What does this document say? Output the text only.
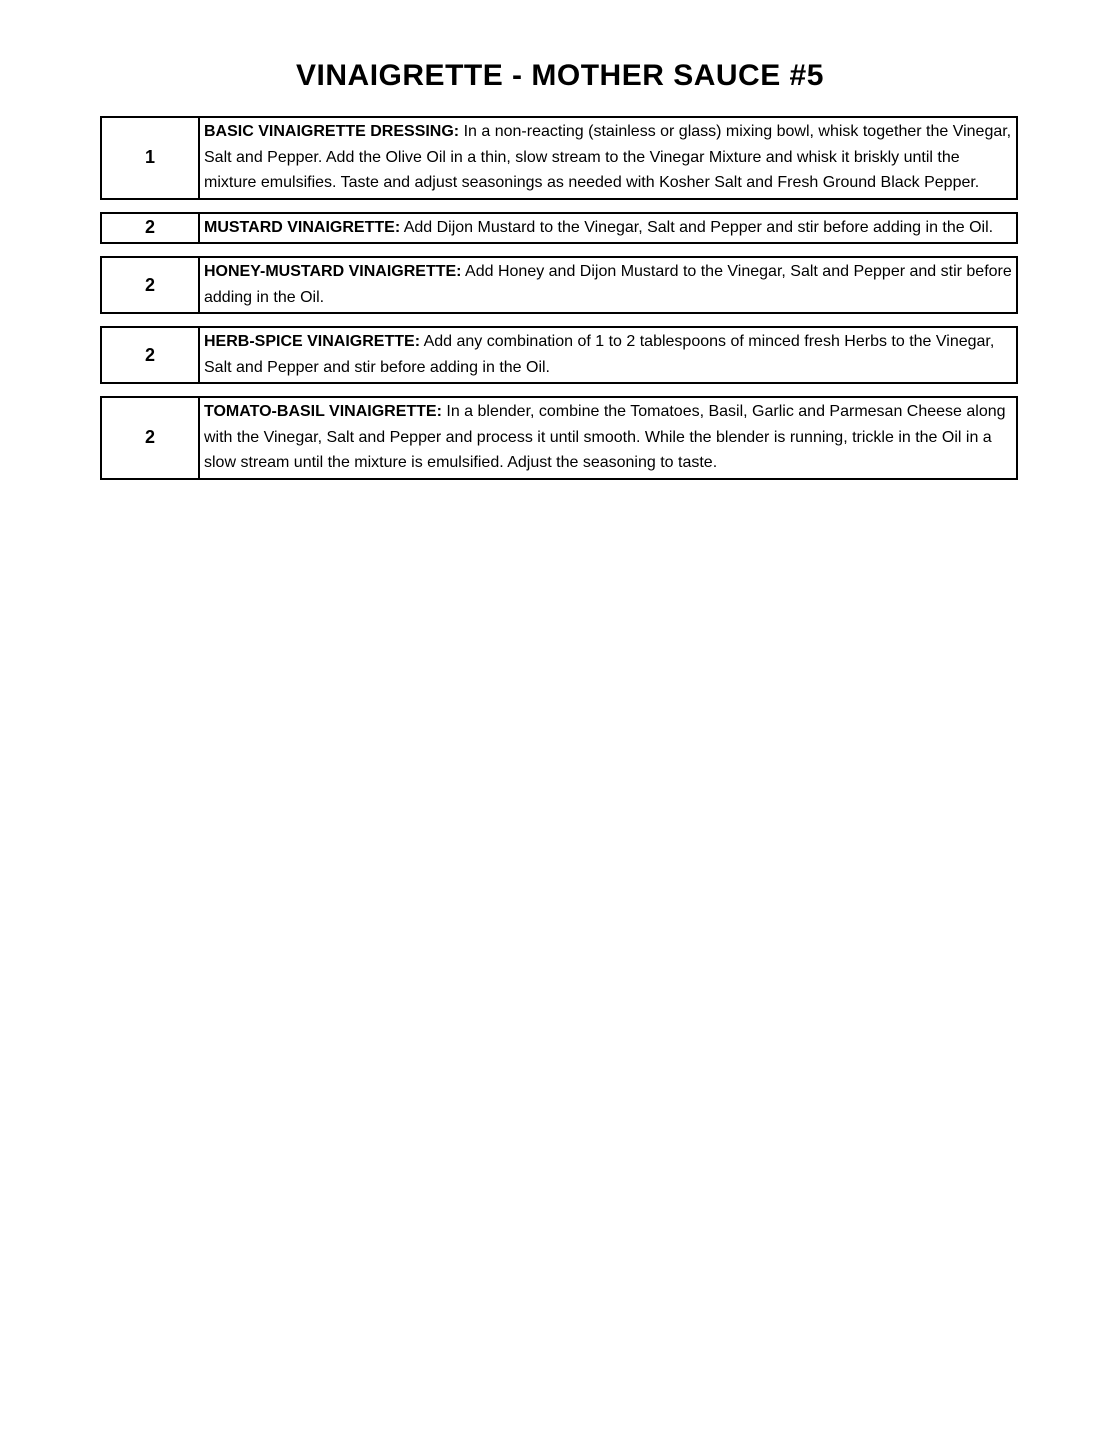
VINAIGRETTE - MOTHER SAUCE #5
1	BASIC VINAIGRETTE DRESSING: In a non-reacting (stainless or glass) mixing bowl, whisk together the Vinegar, Salt and Pepper. Add the Olive Oil in a thin, slow stream to the Vinegar Mixture and whisk it briskly until the mixture emulsifies. Taste and adjust seasonings as needed with Kosher Salt and Fresh Ground Black Pepper.
2	MUSTARD VINAIGRETTE: Add Dijon Mustard to the Vinegar, Salt and Pepper and stir before adding in the Oil.
2	HONEY-MUSTARD VINAIGRETTE: Add Honey and Dijon Mustard to the Vinegar, Salt and Pepper and stir before adding in the Oil.
2	HERB-SPICE VINAIGRETTE: Add any combination of 1 to 2 tablespoons of minced fresh Herbs to the Vinegar, Salt and Pepper and stir before adding in the Oil.
2	TOMATO-BASIL VINAIGRETTE: In a blender, combine the Tomatoes, Basil, Garlic and Parmesan Cheese along with the Vinegar, Salt and Pepper and process it until smooth. While the blender is running, trickle in the Oil in a slow stream until the mixture is emulsified. Adjust the seasoning to taste.
